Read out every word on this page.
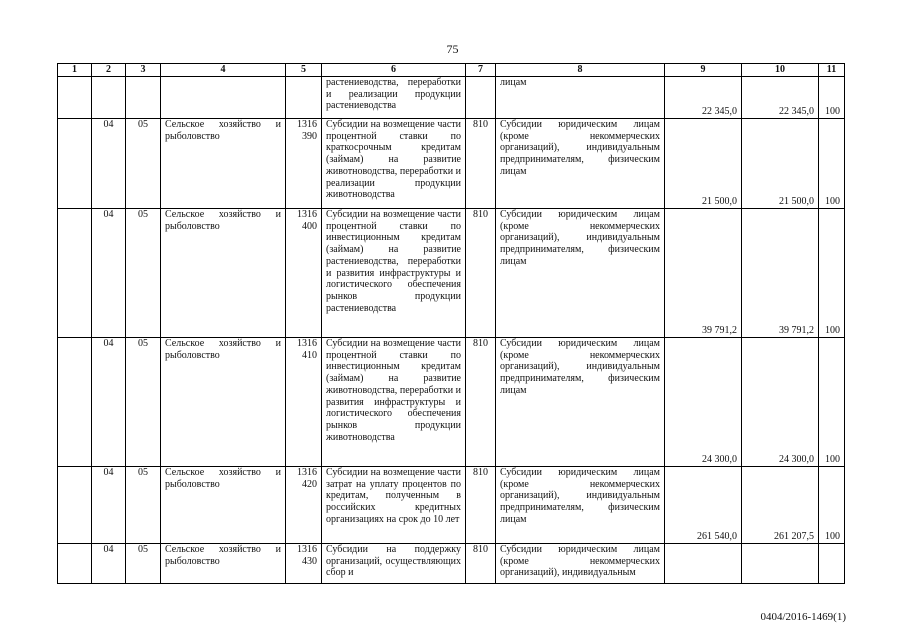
75
1	2	3	4	5	6	7	8	9	10	11
					растениеводства, переработки и реализации продукции растениеводства		лицам	22 345,0	22 345,0	100

	04	05	Сельское хозяйство и рыболовство	1316 390	Субсидии на возмещение части процентной ставки по краткосрочным кредитам (займам) на развитие животноводства, переработки и реализации продукции животноводства	810	Субсидии юридическим лицам (кроме некоммерческих организаций), индивидуальным предпринимателям, физическим лицам	21 500,0	21 500,0	100

	04	05	Сельское хозяйство и рыболовство	1316 400	Субсидии на возмещение части процентной ставки по инвестиционным кредитам (займам) на развитие растениеводства, переработки и развития инфраструктуры и логистического обеспечения рынков продукции растениеводства	810	Субсидии юридическим лицам (кроме некоммерческих организаций), индивидуальным предпринимателям, физическим лицам	39 791,2	39 791,2	100

	04	05	Сельское хозяйство и рыболовство	1316 410	Субсидии на возмещение части процентной ставки по инвестиционным кредитам (займам) на развитие животноводства, переработки и развития инфраструктуры и логистического обеспечения рынков продукции животноводства	810	Субсидии юридическим лицам (кроме некоммерческих организаций), индивидуальным предпринимателям, физическим лицам	24 300,0	24 300,0	100

	04	05	Сельское хозяйство и рыболовство	1316 420	Субсидии на возмещение части затрат на уплату процентов по кредитам, полученным в российских кредитных организациях на срок до 10 лет	810	Субсидии юридическим лицам (кроме некоммерческих организаций), индивидуальным предпринимателям, физическим лицам	261 540,0	261 207,5	100

	04	05	Сельское хозяйство и рыболовство	1316 430	Субсидии на поддержку организаций, осуществляющих сбор и	810	Субсидии юридическим лицам (кроме некоммерческих организаций), индивидуальным	

0404/2016-1469(1)
